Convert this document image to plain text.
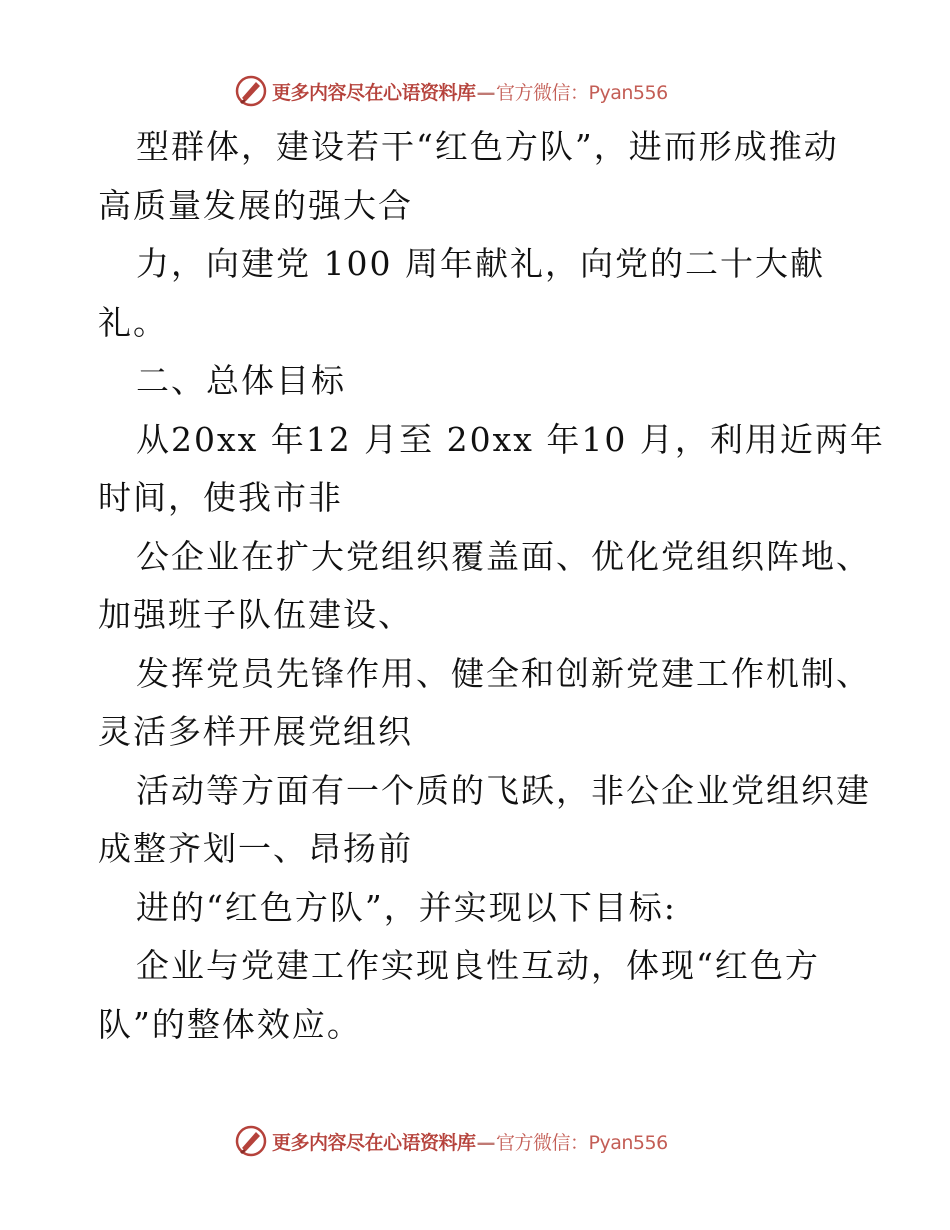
更多内容尽在心语资料库—官方微信：Pyan556
型群体，建设若干“红色方队”，进而形成推动
高质量发展的强大合
力，向建党 100 周年献礼，向党的二十大献
礼。
二、总体目标
从20xx 年12 月至 20xx 年10 月，利用近两年
时间，使我市非
公企业在扩大党组织覆盖面、优化党组织阵地、
加强班子队伍建设、
发挥党员先锋作用、健全和创新党建工作机制、
灵活多样开展党组织
活动等方面有一个质的飞跃，非公企业党组织建
成整齐划一、昂扬前
进的“红色方队”，并实现以下目标:
企业与党建工作实现良性互动，体现“红色方
队”的整体效应。
更多内容尽在心语资料库—官方微信：Pyan556
